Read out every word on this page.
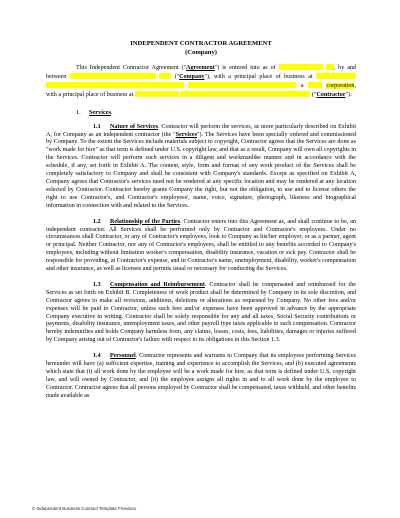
INDEPENDENT CONTRACTOR AGREEMENT
(Company)

This Independent Contractor Agreement ("Agreement") is entered into as of	, by and between	("Company"), with a principal place of business at    a	corporation, with a principal place of business at	("Contractor").

1. Services.

1.1 Nature of Services. Contractor will perform the services, as more particularly described on Exhibit A, for Company as an independent contractor (the "Services"). The Services have been specially ordered and commissioned by Company. To the extent the Services include materials subject to copyright, Contractor agrees that the Services are done as "work made for hire" as that term is defined under U.S. copyright law, and that as a result, Company will own all copyrights in the Services. Contractor will perform such services in a diligent and workmanlike manner and in accordance with the schedule, if any, set forth in Exhibit A. The content, style, form and format of any work product of the Services shall be completely satisfactory to Company and shall be consistent with Company's standards. Except as specified on Exhibit A, Company agrees that Contractor's services need not be rendered at any specific location and may be rendered at any location selected by Contractor. Contractor hereby grants Company the right, but not the obligation, to use and to license others the right to use Contractor's, and Contractor's employees', name, voice, signature, photograph, likeness and biographical information in connection with and related to the Services.

1.2 Relationship of the Parties. Contractor enters into this Agreement as, and shall continue to be, an independent contractor. All Services shall be performed only by Contractor and Contractor's employees. Under no circumstances shall Contractor, or any of Contractor's employees, look to Company as his/her employer, or as a partner, agent or principal. Neither Contractor, nor any of Contractor's employees, shall be entitled to any benefits accorded to Company's employees, including without limitation worker's compensation, disability insurance, vacation or sick pay. Contractor shall be responsible for providing, at Contractor's expense, and in Contractor's name, unemployment, disability, worker's compensation and other insurance, as well as licenses and permits usual or necessary for conducting the Services.

1.3 Compensation and Reimbursement. Contractor shall be compensated and reimbursed for the Services as set forth on Exhibit B. Completeness of work product shall be determined by Company in its sole discretion, and Contractor agrees to make all revisions, additions, deletions or alterations as requested by Company. No other fees and/or expenses will be paid to Contractor, unless such fees and/or expenses have been approved in advance by the appropriate Company executive in writing. Contractor shall be solely responsible for any and all taxes, Social Security contributions or payments, disability insurance, unemployment taxes, and other payroll type taxes applicable to such compensation. Contractor hereby indemnifies and holds Company harmless from, any claims, losses, costs, fees, liabilities, damages or injuries suffered by Company arising out of Contractor's failure with respect to its obligations in this Section 1.3.

1.4 Personnel. Contractor represents and warrants to Company that its employees performing Services hereunder will have (a) sufficient expertise, training and experience to accomplish the Services, and (b) executed agreements which state that (i) all work done by the employee will be a work made for hire, as that term is defined under U.S. copyright law, and will owned by Contractor, and (ii) the employee assigns all rights in and to all work done by the employee to Contractor. Contractor agrees that all persons employed by Contractor shall be compensated, taxes withheld, and other benefits made available as

C-Independent Business Contract Template Freedocx
